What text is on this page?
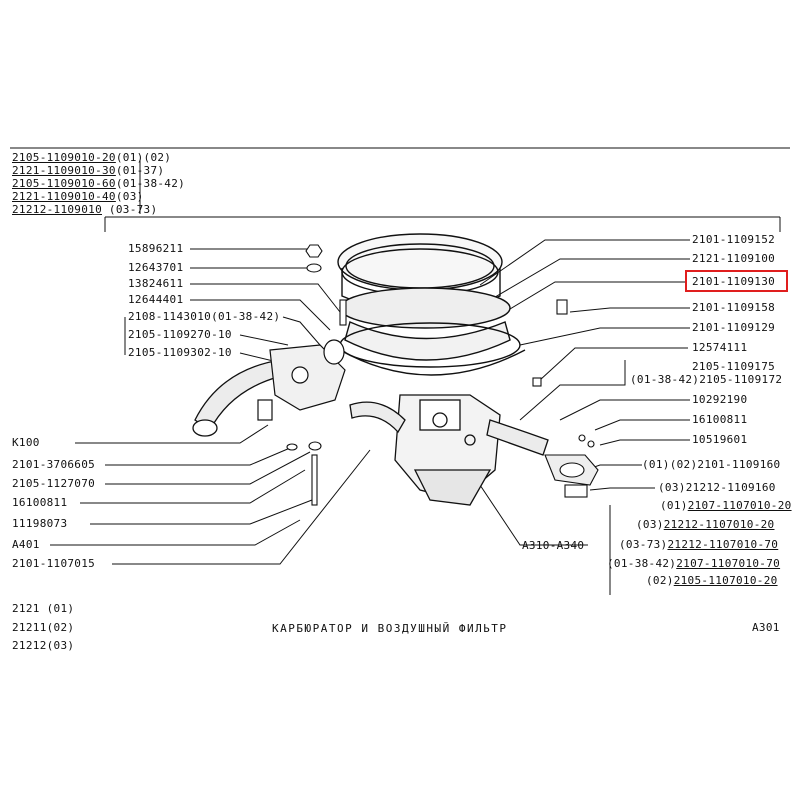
2105-1109010-20(01)(02)
2121-1109010-30(01-37)
2105-1109010-60(01-38-42)
2121-1109010-40(03)
21212-1109010 (03-73)
15896211
12643701
13824611
12644401
2108-1143010(01-38-42)
2105-1109270-10
2105-1109302-10
K100
2101-3706605
2105-1127070
16100811
11198073
A401
2101-1107015
2101-1109152
2121-1109100
2101-1109130
2101-1109158
2101-1109129
12574111
2105-1109175
(01-38-42)2105-1109172
10292190
16100811
10519601
(01)(02)2101-1109160
(03)21212-1109160
(01)2107-1107010-20
(03)21212-1107010-20
(03-73)21212-1107010-70
(01-38-42)2107-1107010-70
(02)2105-1107010-20
A310-A340
2121 (01)
21211(02)
21212(03)
КАРБЮРАТОР И ВОЗДУШНЫЙ ФИЛЬТР	A301
